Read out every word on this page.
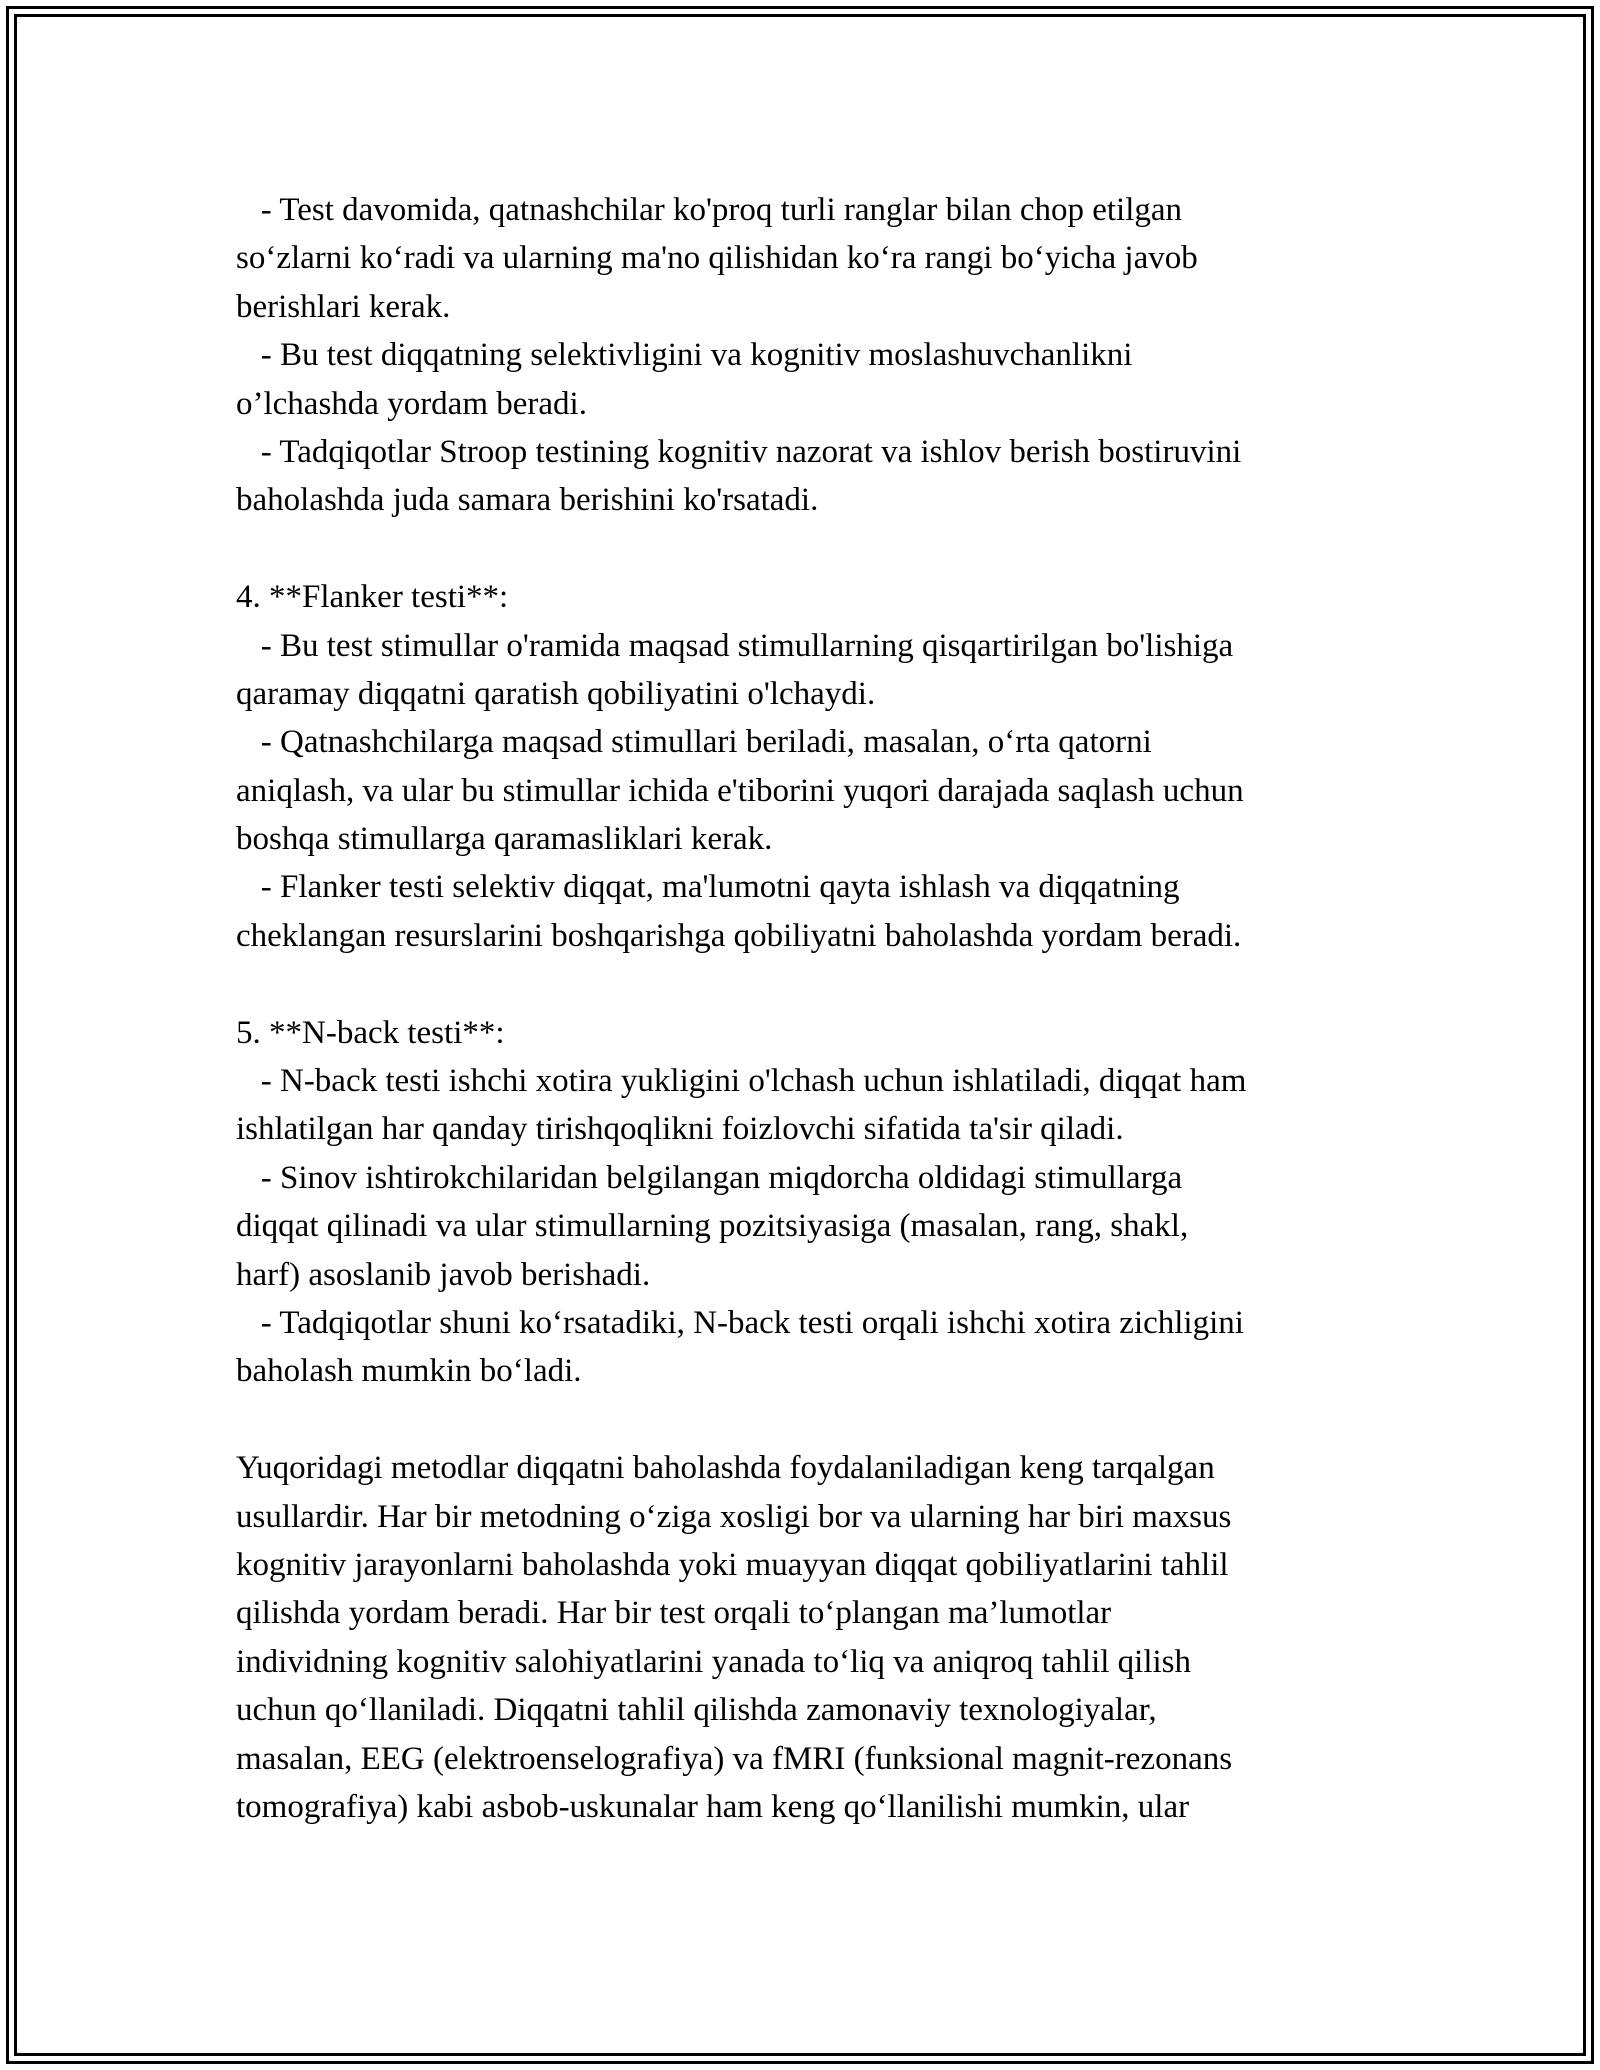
- Test davomida, qatnashchilar ko'proq turli ranglar bilan chop etilgan
so‘zlarni ko‘radi va ularning ma'no qilishidan ko‘ra rangi bo‘yicha javob
berishlari kerak.
- Bu test diqqatning selektivligini va kognitiv moslashuvchanlikni
o’lchashda yordam beradi.
- Tadqiqotlar Stroop testining kognitiv nazorat va ishlov berish bostiruvini
baholashda juda samara berishini ko'rsatadi.
4. **Flanker testi**:
- Bu test stimullar o'ramida maqsad stimullarning qisqartirilgan bo'lishiga
qaramay diqqatni qaratish qobiliyatini o'lchaydi.
- Qatnashchilarga maqsad stimullari beriladi, masalan, o‘rta qatorni
aniqlash, va ular bu stimullar ichida e'tiborini yuqori darajada saqlash uchun
boshqa stimullarga qaramasliklari kerak.
- Flanker testi selektiv diqqat, ma'lumotni qayta ishlash va diqqatning
cheklangan resurslarini boshqarishga qobiliyatni baholashda yordam beradi.
5. **N-back testi**:
- N-back testi ishchi xotira yukligini o'lchash uchun ishlatiladi, diqqat ham
ishlatilgan har qanday tirishqoqlikni foizlovchi sifatida ta'sir qiladi.
- Sinov ishtirokchilaridan belgilangan miqdorcha oldidagi stimullarga
diqqat qilinadi va ular stimullarning pozitsiyasiga (masalan, rang, shakl,
harf) asoslanib javob berishadi.
- Tadqiqotlar shuni ko‘rsatadiki, N-back testi orqali ishchi xotira zichligini
baholash mumkin bo‘ladi.
Yuqoridagi metodlar diqqatni baholashda foydalaniladigan keng tarqalgan
usullardir. Har bir metodning o‘ziga xosligi bor va ularning har biri maxsus
kognitiv jarayonlarni baholashda yoki muayyan diqqat qobiliyatlarini tahlil
qilishda yordam beradi. Har bir test orqali to‘plangan ma’lumotlar
individning kognitiv salohiyatlarini yanada to‘liq va aniqroq tahlil qilish
uchun qo‘llaniladi. Diqqatni tahlil qilishda zamonaviy texnologiyalar,
masalan, EEG (elektroenselografiya) va fMRI (funksional magnit-rezonans
tomografiya) kabi asbob-uskunalar ham keng qo‘llanilishi mumkin, ular
